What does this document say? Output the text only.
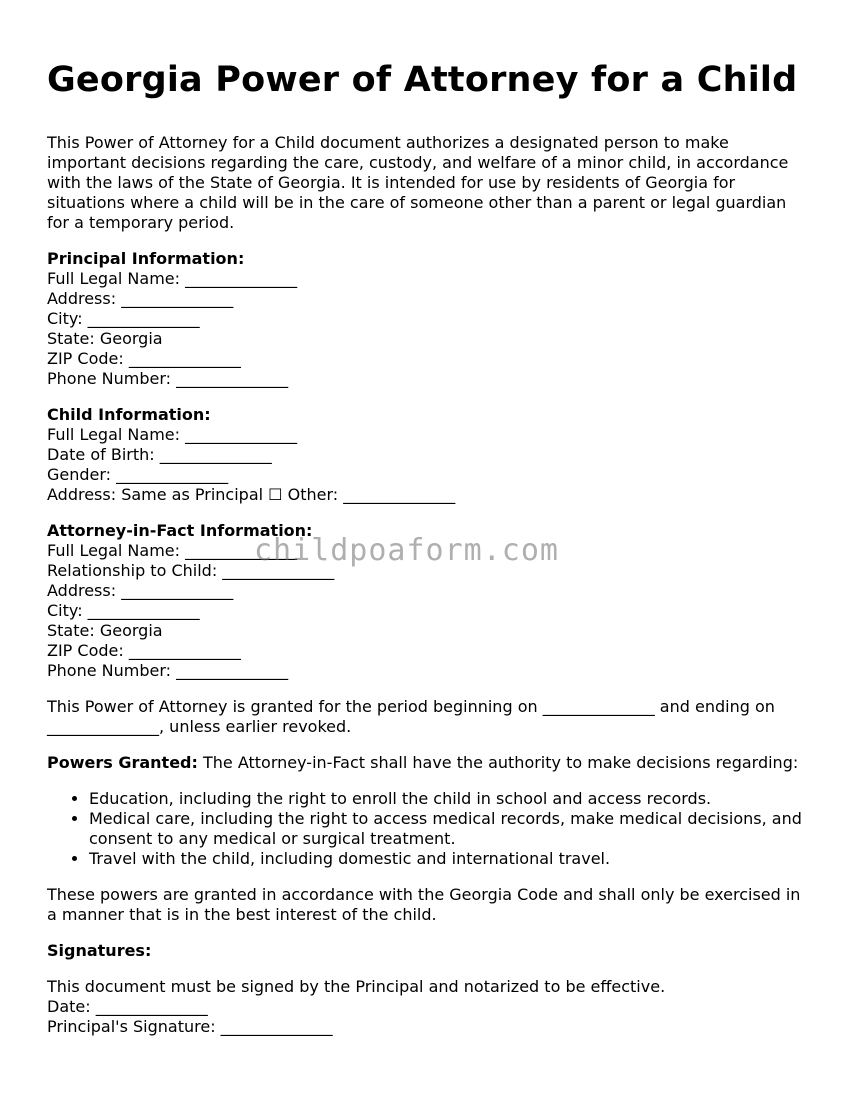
Georgia Power of Attorney for a Child

This Power of Attorney for a Child document authorizes a designated person to make important decisions regarding the care, custody, and welfare of a minor child, in accordance with the laws of the State of Georgia. It is intended for use by residents of Georgia for situations where a child will be in the care of someone other than a parent or legal guardian for a temporary period.

Principal Information:
Full Legal Name: ______________
Address: ______________
City: ______________
State: Georgia
ZIP Code: ______________
Phone Number: ______________
Child Information:
Full Legal Name: ______________
Date of Birth: ______________
Gender: ______________
Address: Same as Principal ☐ Other: ______________
Attorney-in-Fact Information:
Full Legal Name: ______________
Relationship to Child: ______________
Address: ______________
City: ______________
State: Georgia
ZIP Code: ______________
Phone Number: ______________

This Power of Attorney is granted for the period beginning on ______________ and ending on ______________, unless earlier revoked.

Powers Granted: The Attorney-in-Fact shall have the authority to make decisions regarding:

• Education, including the right to enroll the child in school and access records.
• Medical care, including the right to access medical records, make medical decisions, and consent to any medical or surgical treatment.
• Travel with the child, including domestic and international travel.

These powers are granted in accordance with the Georgia Code and shall only be exercised in a manner that is in the best interest of the child.

Signatures:
This document must be signed by the Principal and notarized to be effective.
Date: ______________
Principal's Signature: ______________
childpoaform.com
